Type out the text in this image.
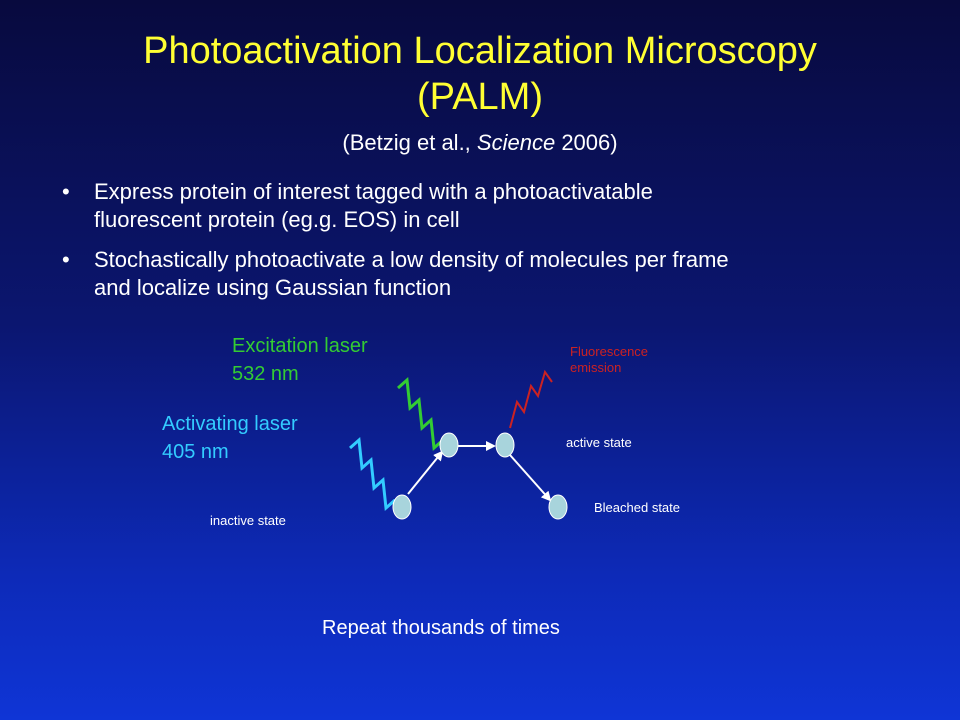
Photoactivation Localization Microscopy
(PALM)
(Betzig et al., Science 2006)
• Express protein of interest tagged with a photoactivatable
fluorescent protein (eg.g. EOS) in cell
• Stochastically photoactivate a low density of molecules per frame
and localize using Gaussian function
Excitation laser
532 nm
Activating laser
405 nm
Fluorescence
emission
active state
Bleached state
inactive state
Repeat thousands of times
